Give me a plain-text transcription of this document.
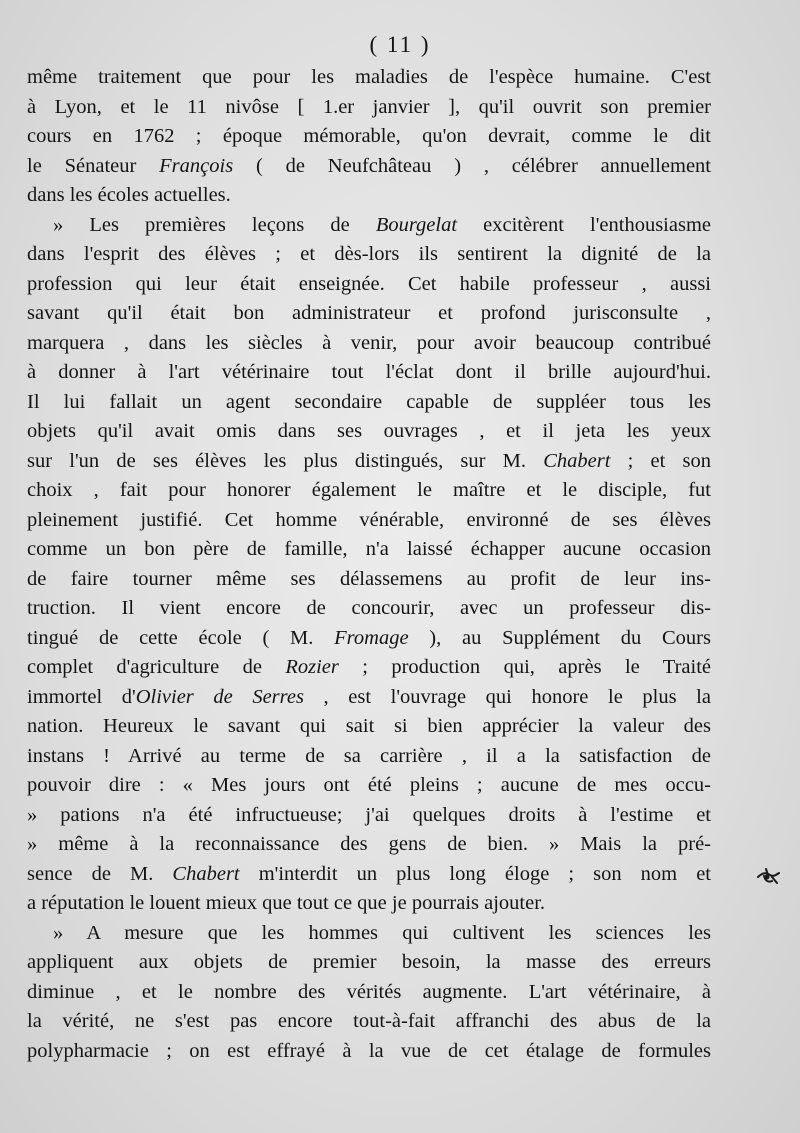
( 11 )
même traitement que pour les maladies de l'espèce humaine. C'est
à Lyon, et le 11 nivôse [ 1.er janvier ], qu'il ouvrit son premier
cours en 1762 ; époque mémorable, qu'on devrait, comme le dit
le Sénateur François ( de Neufchâteau ) , célébrer annuellement
dans les écoles actuelles.
» Les premières leçons de Bourgelat excitèrent l'enthousiasme
dans l'esprit des élèves ; et dès-lors ils sentirent la dignité de la
profession qui leur était enseignée. Cet habile professeur , aussi
savant qu'il était bon administrateur et profond jurisconsulte ,
marquera , dans les siècles à venir, pour avoir beaucoup contribué
à donner à l'art vétérinaire tout l'éclat dont il brille aujourd'hui.
Il lui fallait un agent secondaire capable de suppléer tous les
objets qu'il avait omis dans ses ouvrages , et il jeta les yeux
sur l'un de ses élèves les plus distingués, sur M. Chabert ; et son
choix , fait pour honorer également le maître et le disciple, fut
pleinement justifié. Cet homme vénérable, environné de ses élèves
comme un bon père de famille, n'a laissé échapper aucune occasion
de faire tourner même ses délassemens au profit de leur ins-
truction. Il vient encore de concourir, avec un professeur dis-
tingué de cette école ( M. Fromage ), au Supplément du Cours
complet d'agriculture de Rozier ; production qui, après le Traité
immortel d'Olivier de Serres , est l'ouvrage qui honore le plus la
nation. Heureux le savant qui sait si bien apprécier la valeur des
instans ! Arrivé au terme de sa carrière , il a la satisfaction de
pouvoir dire : « Mes jours ont été pleins ; aucune de mes occu-
» pations n'a été infructueuse; j'ai quelques droits à l'estime et
» même à la reconnaissance des gens de bien. » Mais la pré-
sence de M. Chabert m'interdit un plus long éloge ; son nom et
a réputation le louent mieux que tout ce que je pourrais ajouter.
» A mesure que les hommes qui cultivent les sciences les
appliquent aux objets de premier besoin, la masse des erreurs
diminue , et le nombre des vérités augmente. L'art vétérinaire, à
la vérité, ne s'est pas encore tout-à-fait affranchi des abus de la
polypharmacie ; on est effrayé à la vue de cet étalage de formules
